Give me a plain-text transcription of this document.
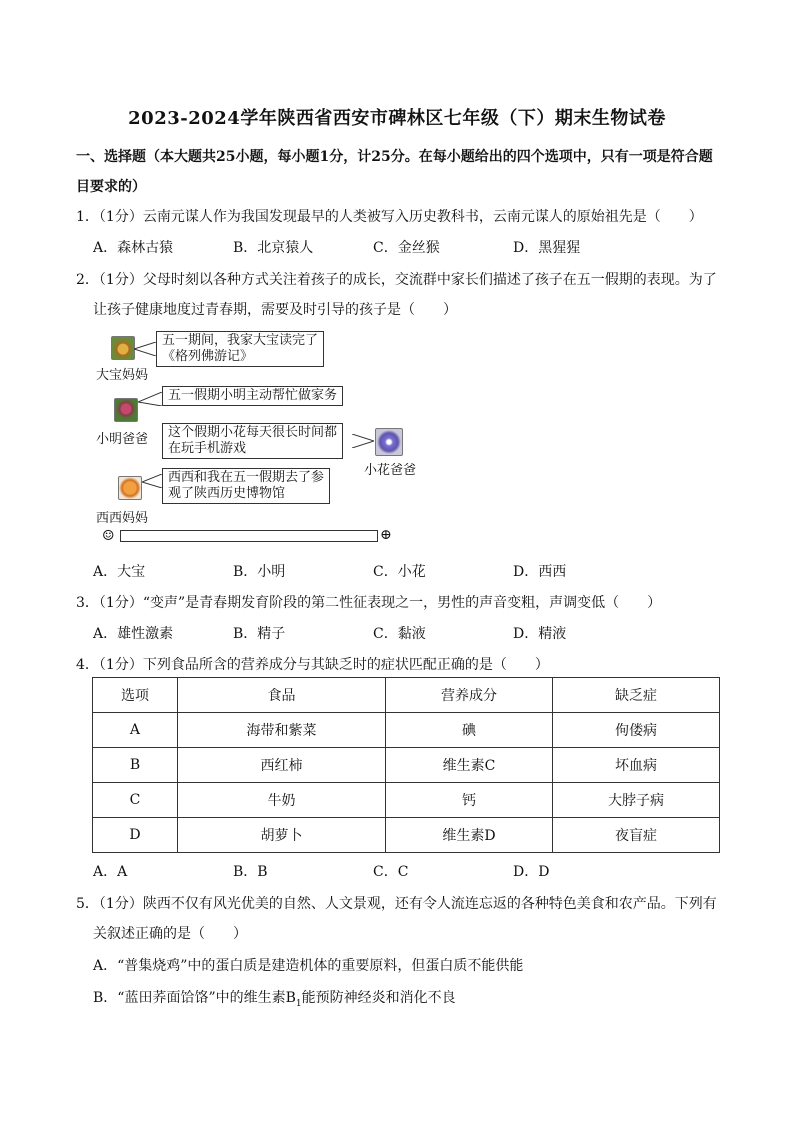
2023-2024学年陕西省西安市碑林区七年级（下）期末生物试卷
一、选择题（本大题共25小题，每小题1分，计25分。在每小题给出的四个选项中，只有一项是符合题
目要求的）
1．（1分）云南元谋人作为我国发现最早的人类被写入历史教科书，云南元谋人的原始祖先是（　　）
A．森林古猿	B．北京猿人	C．金丝猴	D．黑猩猩
2．（1分）父母时刻以各种方式关注着孩子的成长，交流群中家长们描述了孩子在五一假期的表现。为了
让孩子健康地度过青春期，需要及时引导的孩子是（　　）
五一期间，我家大宝读完了
《格列佛游记》
大宝妈妈
五一假期小明主动帮忙做家务
小明爸爸 这个假期小花每天很长时间都
在玩手机游戏
小花爸爸
西西和我在五一假期去了参
观了陕西历史博物馆
西西妈妈
☺	⊕
A．大宝	B．小明	C．小花	D．西西
3．（1分）“变声”是青春期发育阶段的第二性征表现之一，男性的声音变粗，声调变低（　　）
A．雄性激素	B．精子	C．黏液	D．精液
4．（1分）下列食品所含的营养成分与其缺乏时的症状匹配正确的是（　　）
选项	食品	营养成分	缺乏症
A	海带和紫菜	碘	佝偻病
B	西红柿	维生素C	坏血病
C	牛奶	钙	大脖子病
D	胡萝卜	维生素D	夜盲症
A．A	B．B	C．C	D．D
5．（1分）陕西不仅有风光优美的自然、人文景观，还有令人流连忘返的各种特色美食和农产品。下列有
关叙述正确的是（　　）
A．“普集烧鸡”中的蛋白质是建造机体的重要原料，但蛋白质不能供能
B．“蓝田荞面饸饹”中的维生素$B_1$能预防神经炎和消化不良
